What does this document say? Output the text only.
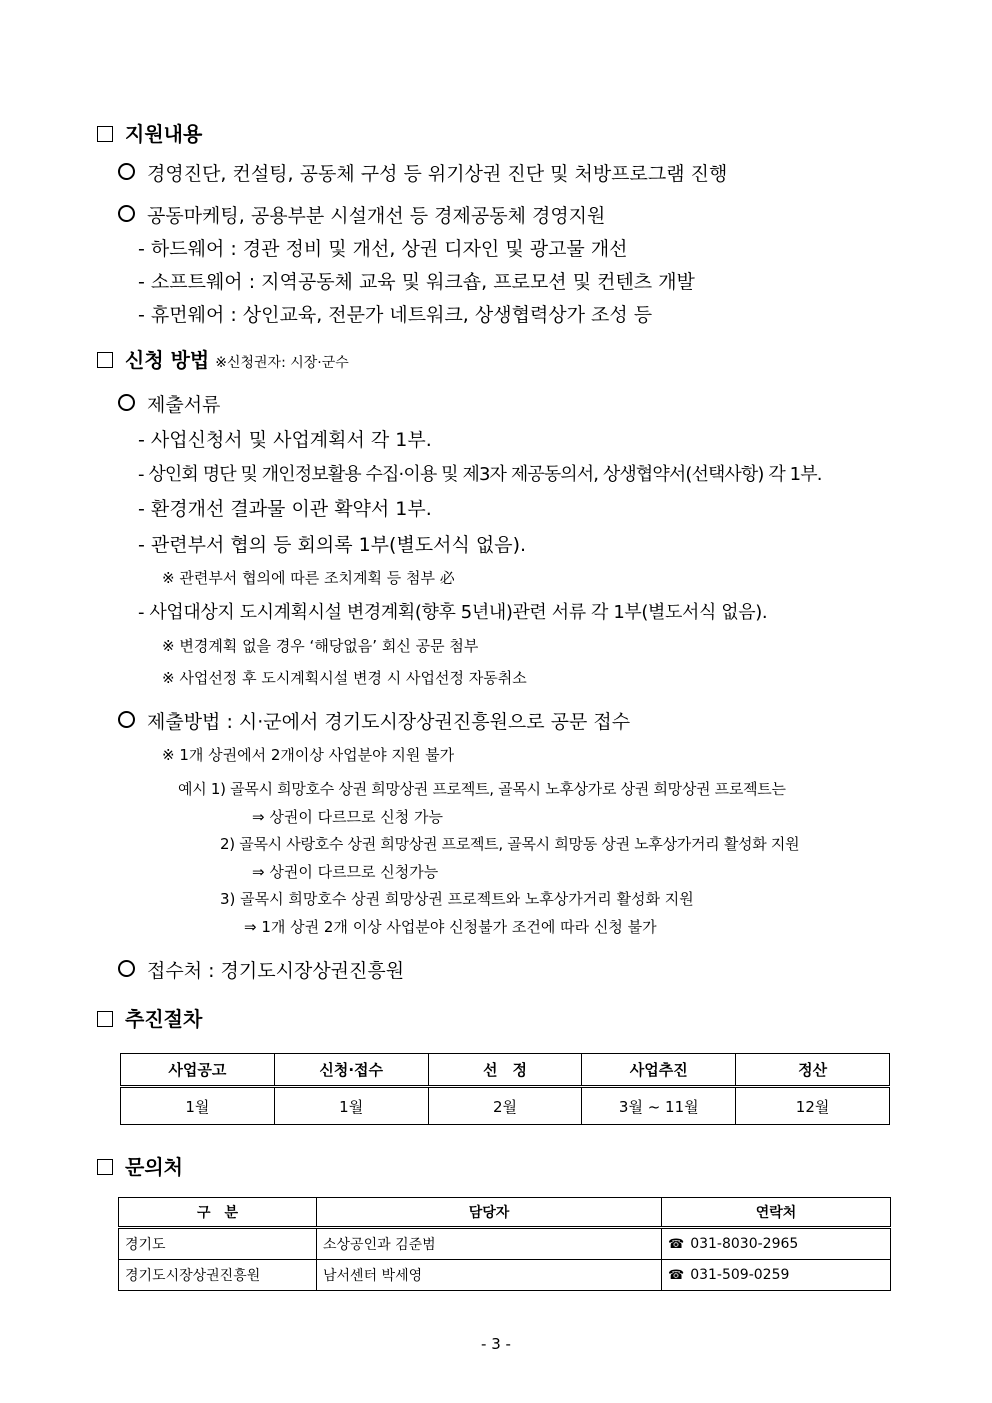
지원내용
경영진단, 컨설팅, 공동체 구성 등 위기상권 진단 및 처방프로그램 진행
공동마케팅, 공용부분 시설개선 등 경제공동체 경영지원
- 하드웨어 : 경관 정비 및 개선, 상권 디자인 및 광고물 개선
- 소프트웨어 : 지역공동체 교육 및 워크숍, 프로모션 및 컨텐츠 개발
- 휴먼웨어 : 상인교육, 전문가 네트워크, 상생협력상가 조성 등
신청 방법 ※신청권자: 시장·군수
제출서류
- 사업신청서 및 사업계획서 각 1부.
- 상인회 명단 및 개인정보활용 수집·이용 및 제3자 제공동의서, 상생협약서(선택사항) 각 1부.
- 환경개선 결과물 이관 확약서 1부.
- 관련부서 협의 등 회의록 1부(별도서식 없음).
※ 관련부서 협의에 따른 조치계획 등 첨부 必
- 사업대상지 도시계획시설 변경계획(향후 5년내)관련 서류 각 1부(별도서식 없음).
※ 변경계획 없을 경우 ‘해당없음’ 회신 공문 첨부
※ 사업선정 후 도시계획시설 변경 시 사업선정 자동취소
제출방법 : 시·군에서 경기도시장상권진흥원으로 공문 접수
※ 1개 상권에서 2개이상 사업분야 지원 불가
예시 1) 골목시 희망호수 상권 희망상권 프로젝트, 골목시 노후상가로 상권 희망상권 프로젝트는
⇒ 상권이 다르므로 신청 가능
2) 골목시 사랑호수 상권 희망상권 프로젝트, 골목시 희망동 상권 노후상가거리 활성화 지원
⇒ 상권이 다르므로 신청가능
3) 골목시 희망호수 상권 희망상권 프로젝트와 노후상가거리 활성화 지원
⇒ 1개 상권 2개 이상 사업분야 신청불가 조건에 따라 신청 불가
접수처 : 경기도시장상권진흥원
추진절차
사업공고	신청·접수	선　정	사업추진	정산
1월	1월	2월	3월 ~ 11월	12월
문의처
구　분	담당자	연락처
경기도	소상공인과 김준범	☎ 031-8030-2965
경기도시장상권진흥원	남서센터 박세영	☎ 031-509-0259
- 3 -
